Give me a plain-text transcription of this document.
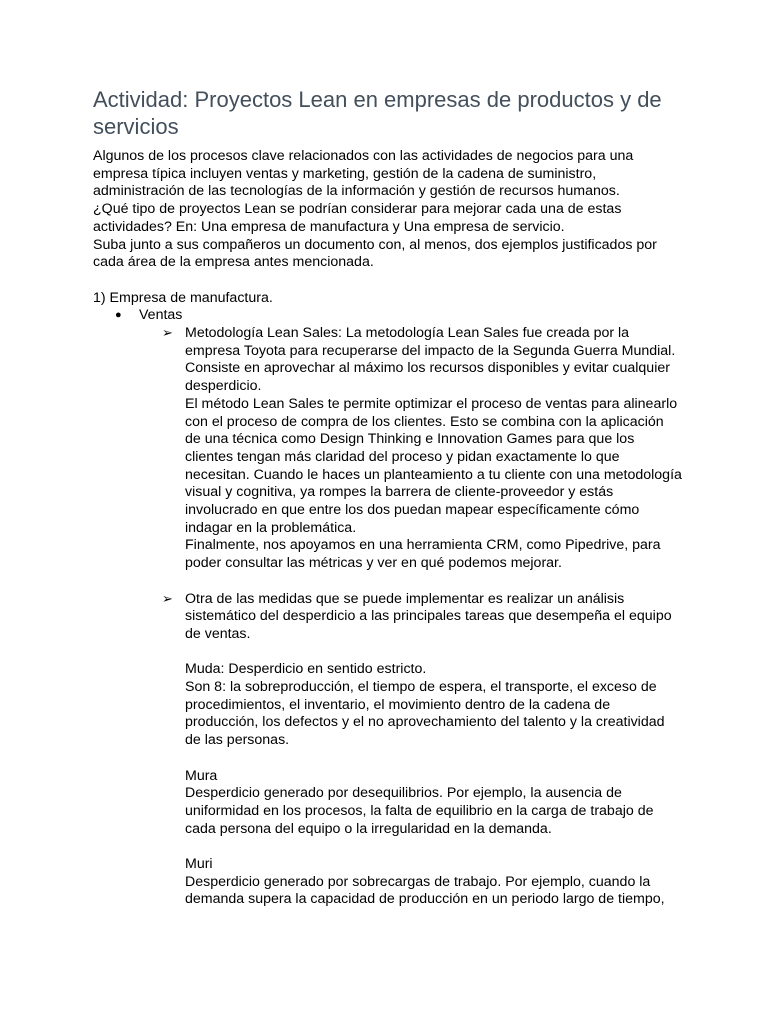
Actividad: Proyectos Lean en empresas de productos y de servicios

Algunos de los procesos clave relacionados con las actividades de negocios para una empresa típica incluyen ventas y marketing, gestión de la cadena de suministro, administración de las tecnologías de la información y gestión de recursos humanos.
¿Qué tipo de proyectos Lean se podrían considerar para mejorar cada una de estas actividades? En: Una empresa de manufactura y Una empresa de servicio.
Suba junto a sus compañeros un documento con, al menos, dos ejemplos justificados por cada área de la empresa antes mencionada.

1) Empresa de manufactura.

● Ventas
➢ Metodología Lean Sales: La metodología Lean Sales fue creada por la empresa Toyota para recuperarse del impacto de la Segunda Guerra Mundial. Consiste en aprovechar al máximo los recursos disponibles y evitar cualquier desperdicio.

El método Lean Sales te permite optimizar el proceso de ventas para alinearlo con el proceso de compra de los clientes. Esto se combina con la aplicación de una técnica como Design Thinking e Innovation Games para que los clientes tengan más claridad del proceso y pidan exactamente lo que necesitan. Cuando le haces un planteamiento a tu cliente con una metodología visual y cognitiva, ya rompes la barrera de cliente-proveedor y estás involucrado en que entre los dos puedan mapear específicamente cómo indagar en la problemática.

Finalmente, nos apoyamos en una herramienta CRM, como Pipedrive, para poder consultar las métricas y ver en qué podemos mejorar.

➢ Otra de las medidas que se puede implementar es realizar un análisis sistemático del desperdicio a las principales tareas que desempeña el equipo de ventas.

Muda: Desperdicio en sentido estricto.

Son 8: la sobreproducción, el tiempo de espera, el transporte, el exceso de procedimientos, el inventario, el movimiento dentro de la cadena de producción, los defectos y el no aprovechamiento del talento y la creatividad de las personas.

Mura

Desperdicio generado por desequilibrios. Por ejemplo, la ausencia de uniformidad en los procesos, la falta de equilibrio en la carga de trabajo de cada persona del equipo o la irregularidad en la demanda.

Muri

Desperdicio generado por sobrecargas de trabajo. Por ejemplo, cuando la demanda supera la capacidad de producción en un periodo largo de tiempo,
